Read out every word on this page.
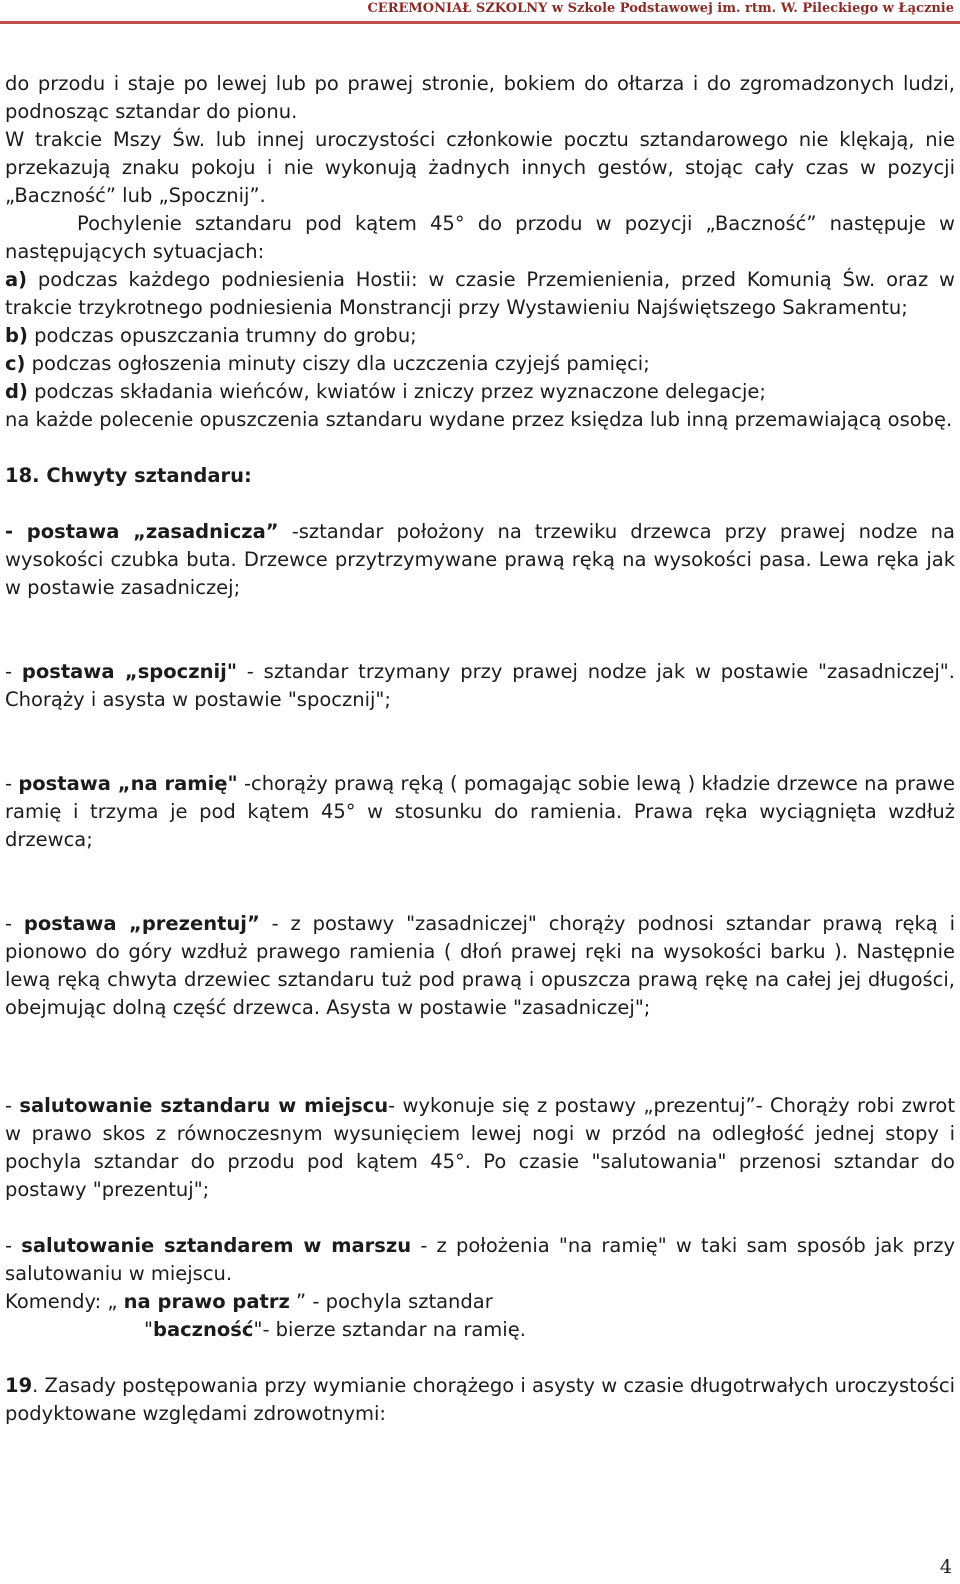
CEREMONIAŁ SZKOLNY w Szkole Podstawowej im. rtm. W. Pileckiego w Łącznie

do przodu i staje po lewej lub po prawej stronie, bokiem do ołtarza i do zgromadzonych ludzi, podnosząc sztandar do pionu.

W trakcie Mszy Św. lub innej uroczystości członkowie pocztu sztandarowego nie klękają, nie przekazują znaku pokoju i nie wykonują żadnych innych gestów, stojąc cały czas w pozycji „Baczność” lub „Spocznij”.

Pochylenie sztandaru pod kątem 45° do przodu w pozycji „Baczność” następuje w następujących sytuacjach:

a) podczas każdego podniesienia Hostii: w czasie Przemienienia, przed Komunią Św. oraz w trakcie trzykrotnego podniesienia Monstrancji przy Wystawieniu Najświętszego Sakramentu;

b) podczas opuszczania trumny do grobu;

c) podczas ogłoszenia minuty ciszy dla uczczenia czyjejś pamięci;

d) podczas składania wieńców, kwiatów i zniczy przez wyznaczone delegacje;

na każde polecenie opuszczenia sztandaru wydane przez księdza lub inną przemawiającą osobę.

18. Chwyty sztandaru:

- postawa „zasadnicza” -sztandar położony na trzewiku drzewca przy prawej nodze na wysokości czubka buta. Drzewce przytrzymywane prawą ręką na wysokości pasa. Lewa ręka jak w postawie zasadniczej;

- postawa „spocznij" - sztandar trzymany przy prawej nodze jak w postawie "zasadniczej". Chorąży i asysta w postawie "spocznij";

- postawa „na ramię" -chorąży prawą ręką ( pomagając sobie lewą ) kładzie drzewce na prawe ramię i trzyma je pod kątem 45° w stosunku do ramienia. Prawa ręka wyciągnięta wzdłuż drzewca;

- postawa „prezentuj” - z postawy "zasadniczej" chorąży podnosi sztandar prawą ręką i pionowo do góry wzdłuż prawego ramienia ( dłoń prawej ręki na wysokości barku ). Następnie lewą ręką chwyta drzewiec sztandaru tuż pod prawą i opuszcza prawą rękę na całej jej długości, obejmując dolną część drzewca. Asysta w postawie "zasadniczej";

- salutowanie sztandaru w miejscu- wykonuje się z postawy „prezentuj”- Chorąży robi zwrot w prawo skos z równoczesnym wysunięciem lewej nogi w przód na odległość jednej stopy i pochyla sztandar do przodu pod kątem 45°. Po czasie "salutowania" przenosi sztandar do postawy "prezentuj";

- salutowanie sztandarem w marszu - z położenia "na ramię" w taki sam sposób jak przy salutowaniu w miejscu.

Komendy: „ na prawo patrz ” - pochyla sztandar

"baczność"- bierze sztandar na ramię.

19. Zasady postępowania przy wymianie chorążego i asysty w czasie długotrwałych uroczystości podyktowane względami zdrowotnymi:

4
